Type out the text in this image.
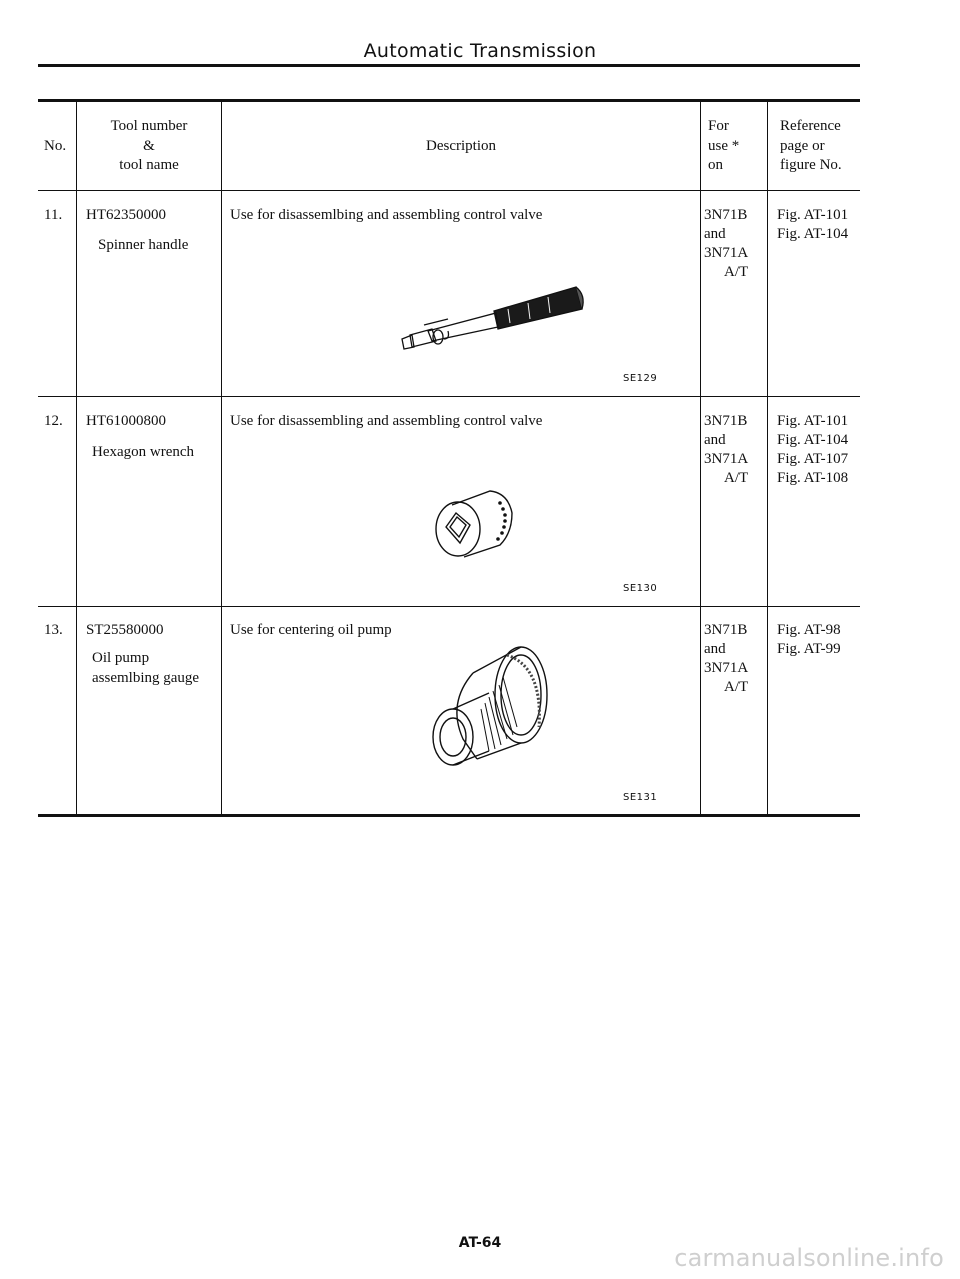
Automatic Transmission
No.
Tool number
&
tool name
Description
For
use *
on
Reference
page or
figure No.
11. HT62350000
Spinner handle
Use for disassemlbing and assembling control valve
SE129
3N71B
and
3N71A
A/T
Fig. AT-101
Fig. AT-104
12. HT61000800
Hexagon wrench
Use for disassembling and assembling control valve
SE130
3N71B
and
3N71A
A/T
Fig. AT-101
Fig. AT-104
Fig. AT-107
Fig. AT-108
13. ST25580000
Oil pump
assemlbing gauge
Use for centering oil pump
SE131
3N71B
and
3N71A
A/T
Fig. AT-98
Fig. AT-99
AT-64
carmanualsonline.info
